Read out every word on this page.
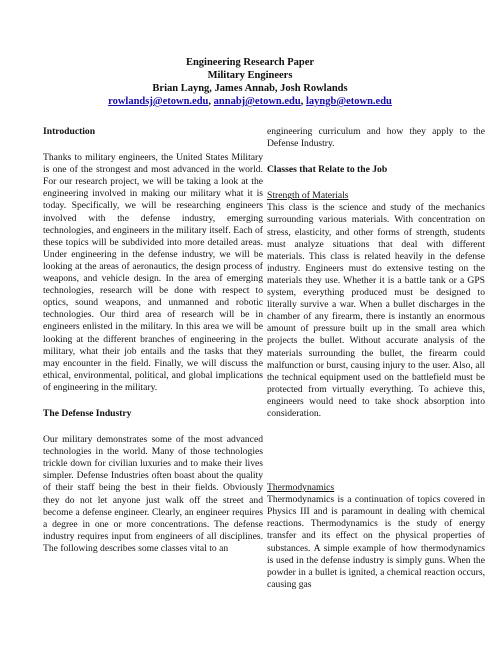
Engineering Research Paper
Military Engineers
Brian Layng, James Annab, Josh Rowlands
rowlandsj@etown.edu, annabj@etown.edu, layngb@etown.edu
Introduction
Thanks to military engineers, the United States Military is one of the strongest and most advanced in the world. For our research project, we will be taking a look at the engineering involved in making our military what it is today. Specifically, we will be researching engineers involved with the defense industry, emerging technologies, and engineers in the military itself. Each of these topics will be subdivided into more detailed areas. Under engineering in the defense industry, we will be looking at the areas of aeronautics, the design process of weapons, and vehicle design. In the area of emerging technologies, research will be done with respect to optics, sound weapons, and unmanned and robotic technologies. Our third area of research will be in engineers enlisted in the military. In this area we will be looking at the different branches of engineering in the military, what their job entails and the tasks that they may encounter in the field. Finally, we will discuss the ethical, environmental, political, and global implications of engineering in the military.
The Defense Industry
Our military demonstrates some of the most advanced technologies in the world. Many of those technologies trickle down for civilian luxuries and to make their lives simpler. Defense Industries often boast about the quality of their staff being the best in their fields. Obviously they do not let anyone just walk off the street and become a defense engineer. Clearly, an engineer requires a degree in one or more concentrations. The defense industry requires input from engineers of all disciplines. The following describes some classes vital to an
engineering curriculum and how they apply to the Defense Industry.
Classes that Relate to the Job
Strength of Materials
This class is the science and study of the mechanics surrounding various materials. With concentration on stress, elasticity, and other forms of strength, students must analyze situations that deal with different materials. This class is related heavily in the defense industry. Engineers must do extensive testing on the materials they use. Whether it is a battle tank or a GPS system, everything produced must be designed to literally survive a war. When a bullet discharges in the chamber of any firearm, there is instantly an enormous amount of pressure built up in the small area which projects the bullet. Without accurate analysis of the materials surrounding the bullet, the firearm could malfunction or burst, causing injury to the user. Also, all the technical equipment used on the battlefield must be protected from virtually everything. To achieve this, engineers would need to take shock absorption into consideration.
Thermodynamics
Thermodynamics is a continuation of topics covered in Physics III and is paramount in dealing with chemical reactions. Thermodynamics is the study of energy transfer and its effect on the physical properties of substances. A simple example of how thermodynamics is used in the defense industry is simply guns. When the powder in a bullet is ignited, a chemical reaction occurs, causing gas
